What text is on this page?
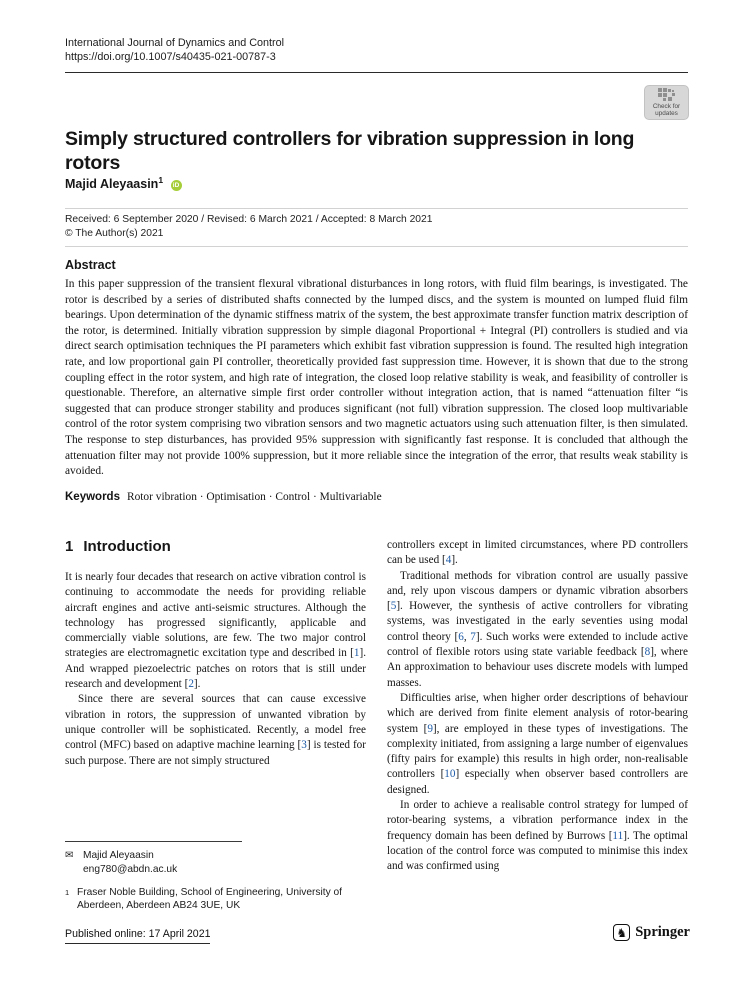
International Journal of Dynamics and Control
https://doi.org/10.1007/s40435-021-00787-3
Check for
updates
Simply structured controllers for vibration suppression in long rotors
Majid Aleyaasin$^1$ iD
Received: 6 September 2020 / Revised: 6 March 2021 / Accepted: 8 March 2021
© The Author(s) 2021
Abstract

In this paper suppression of the transient flexural vibrational disturbances in long rotors, with fluid film bearings, is investigated. The rotor is described by a series of distributed shafts connected by the lumped discs, and the system is mounted on lumped fluid film bearings. Upon determination of the dynamic stiffness matrix of the system, the best approximate transfer function matrix description of the rotor, is determined. Initially vibration suppression by simple diagonal Proportional + Integral (PI) controllers is studied and via direct search optimisation techniques the PI parameters which exhibit fast vibration suppression is found. The resulted high integration rate, and low proportional gain PI controller, theoretically provided fast suppression time. However, it is shown that due to the strong coupling effect in the rotor system, and high rate of integration, the closed loop relative stability is weak, and feasibility of controller is questionable. Therefore, an alternative simple first order controller without integration action, that is named “attenuation filter “is suggested that can produce stronger stability and produces significant (not full) vibration suppression. The closed loop multivariable control of the rotor system comprising two vibration sensors and two magnetic actuators using such attenuation filter, is then simulated. The response to step disturbances, has provided 95% suppression with significantly fast response. It is concluded that although the attenuation filter may not provide 100% suppression, but it more reliable since the integration of the error, that results weak stability is avoided.

Keywords Rotor vibration · Optimisation · Control · Multivariable

1 Introduction

It is nearly four decades that research on active vibration control is continuing to accommodate the needs for providing reliable aircraft engines and active anti-seismic structures. Although the technology has progressed significantly, applicable and commercially viable solutions, are few. The two major control strategies are electromagnetic excitation type and described in [1]. And wrapped piezoelectric patches on rotors that is still under research and development [2].

Since there are several sources that can cause excessive vibration in rotors, the suppression of unwanted vibration by unique controller will be sophisticated. Recently, a model free control (MFC) based on adaptive machine learning [3] is tested for such purpose. There are not simply structured

controllers except in limited circumstances, where PD controllers can be used [4].

Traditional methods for vibration control are usually passive and, rely upon viscous dampers or dynamic vibration absorbers [5]. However, the synthesis of active controllers for vibrating systems, was investigated in the early seventies using modal control theory [6, 7]. Such works were extended to include active control of flexible rotors using state variable feedback [8], where An approximation to behaviour uses discrete models with lumped masses.

Difficulties arise, when higher order descriptions of behaviour which are derived from finite element analysis of rotor-bearing system [9], are employed in these types of investigations. The complexity initiated, from assigning a large number of eigenvalues (fifty pairs for example) this results in high order, non-realisable controllers [10] especially when observer based controllers are designed.

In order to achieve a realisable control strategy for lumped of rotor-bearing systems, a vibration performance index in the frequency domain has been defined by Burrows [11]. The optimal location of the control force was computed to minimise this index and was confirmed using

✉ Majid Aleyaasin
eng780@abdn.ac.uk
1 Fraser Noble Building, School of Engineering, University of Aberdeen, Aberdeen AB24 3UE, UK
Published online: 17 April 2021	♞ Springer
